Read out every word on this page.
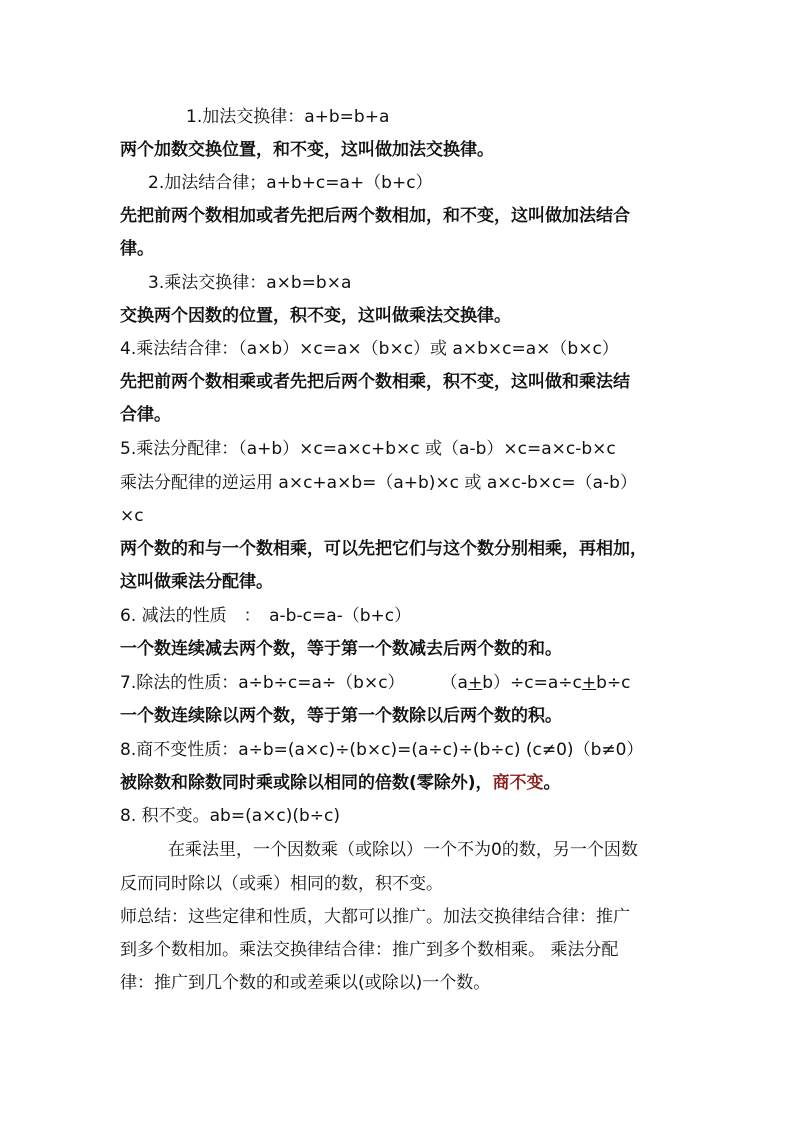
1.加法交换律：a+b=b+a
两个加数交换位置，和不变，这叫做加法交换律。
2.加法结合律；a+b+c=a+（b+c）
先把前两个数相加或者先把后两个数相加，和不变，这叫做加法结合
律。
3.乘法交换律：a×b=b×a
交换两个因数的位置，积不变，这叫做乘法交换律。
4.乘法结合律：（a×b）×c=a×（b×c）或 a×b×c=a×（b×c）
先把前两个数相乘或者先把后两个数相乘，积不变，这叫做和乘法结
合律。
5.乘法分配律：（a+b）×c=a×c+b×c 或（a-b）×c=a×c-b×c
乘法分配律的逆运用 a×c+a×b=（a+b)×c 或 a×c-b×c=（a-b）
×c
两个数的和与一个数相乘，可以先把它们与这个数分别相乘，再相加，
这叫做乘法分配律。
6. 减法的性质　：　a-b-c=a-（b+c）
一个数连续减去两个数，等于第一个数减去后两个数的和。
7.除法的性质：a÷b÷c=a÷（b×c） （a+b）÷c=a÷c+b÷c
一个数连续除以两个数，等于第一个数除以后两个数的积。
8.商不变性质：a÷b=(a×c)÷(b×c)=(a÷c)÷(b÷c) (c≠0)（b≠0）
被除数和除数同时乘或除以相同的倍数(零除外)，商不变。
8. 积不变。ab=(a×c)(b÷c)
在乘法里，一个因数乘（或除以）一个不为0的数，另一个因数
反而同时除以（或乘）相同的数，积不变。
师总结：这些定律和性质，大都可以推广。加法交换律结合律：推广
到多个数相加。乘法交换律结合律：推广到多个数相乘。 乘法分配
律：推广到几个数的和或差乘以(或除以)一个数。
